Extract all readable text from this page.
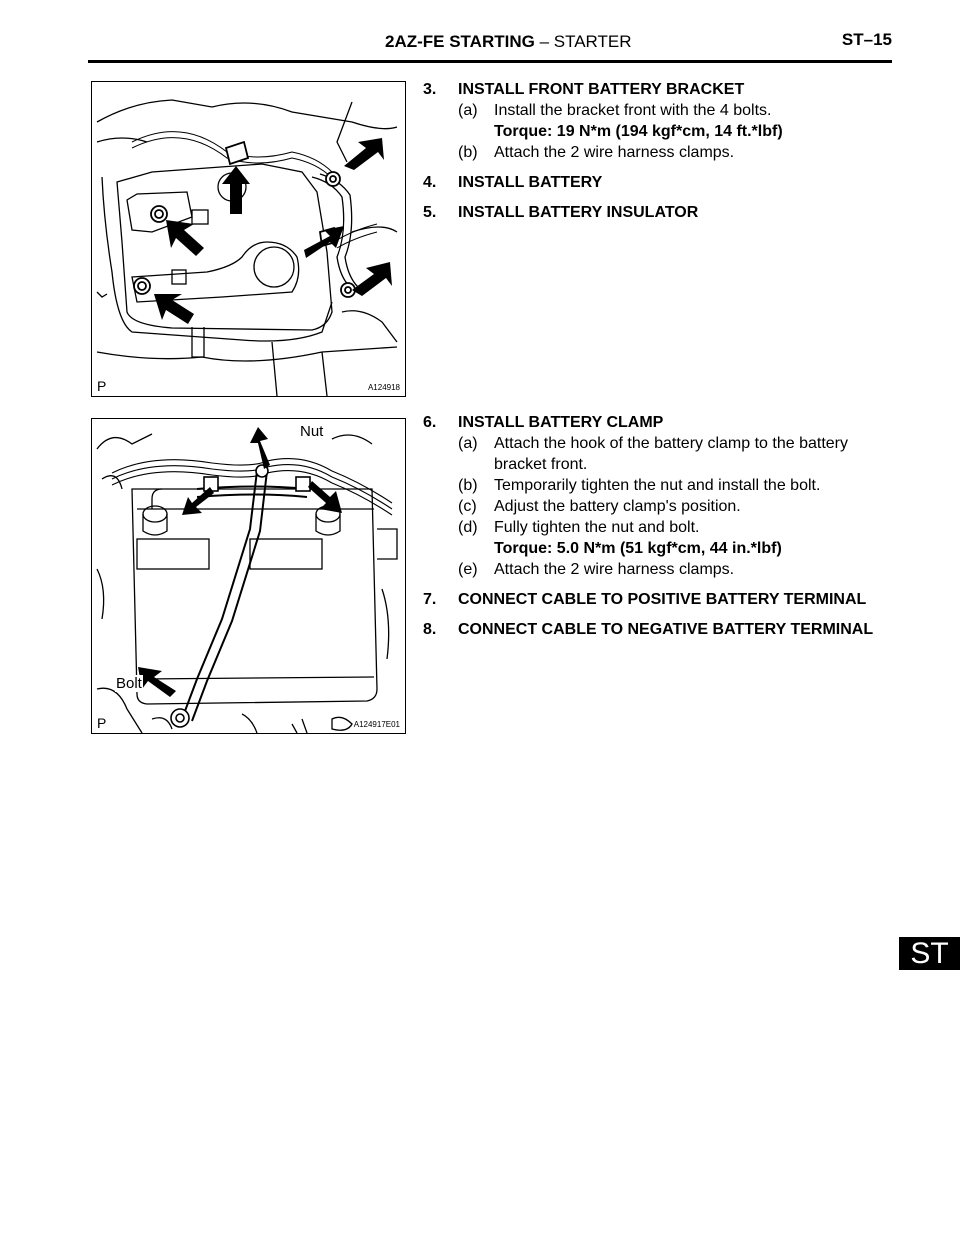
2AZ-FE STARTING – STARTER	ST–15
P	A124918
3.	INSTALL FRONT BATTERY BRACKET
(a)	Install the bracket front with the 4 bolts.
Torque: 19 N*m (194 kgf*cm, 14 ft.*lbf)
(b)	Attach the 2 wire harness clamps.
4.	INSTALL BATTERY
5.	INSTALL BATTERY INSULATOR
Nut
Bolt
P	A124917E01
6.	INSTALL BATTERY CLAMP
(a)	Attach the hook of the battery clamp to the battery bracket front.
(b)	Temporarily tighten the nut and install the bolt.
(c)	Adjust the battery clamp's position.
(d)	Fully tighten the nut and bolt.
Torque: 5.0 N*m (51 kgf*cm, 44 in.*lbf)
(e)	Attach the 2 wire harness clamps.
7.	CONNECT CABLE TO POSITIVE BATTERY TERMINAL
8.	CONNECT CABLE TO NEGATIVE BATTERY TERMINAL
ST
